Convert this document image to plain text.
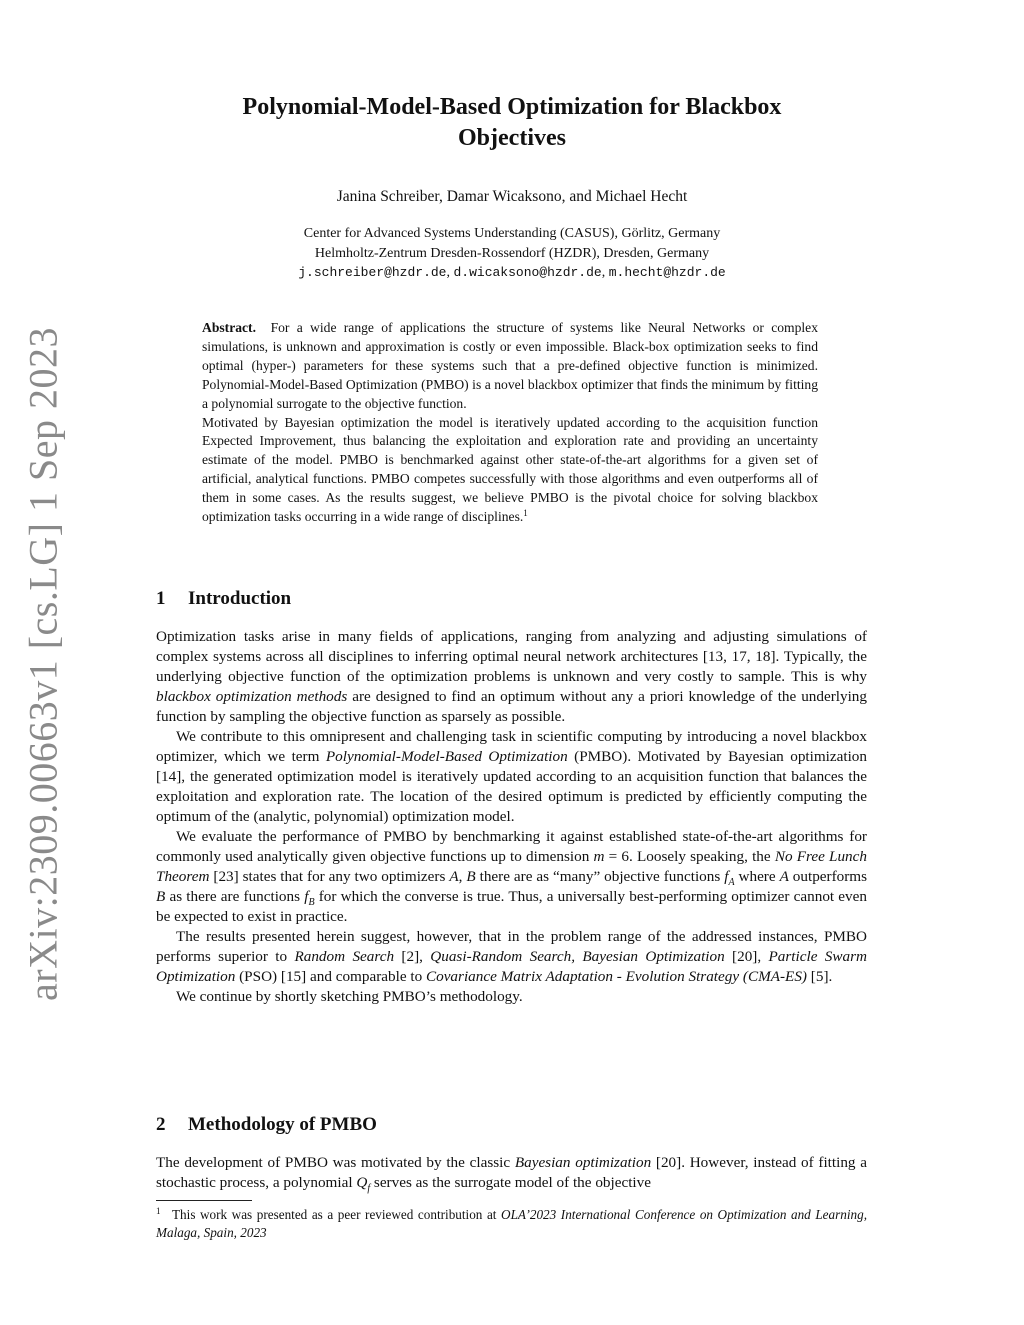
arXiv:2309.00663v1 [cs.LG] 1 Sep 2023
Polynomial-Model-Based Optimization for Blackbox
Objectives
Janina Schreiber, Damar Wicaksono, and Michael Hecht
Center for Advanced Systems Understanding (CASUS), Görlitz, Germany
Helmholtz-Zentrum Dresden-Rossendorf (HZDR), Dresden, Germany
j.schreiber@hzdr.de, d.wicaksono@hzdr.de, m.hecht@hzdr.de

Abstract. For a wide range of applications the structure of systems like Neural Networks or complex simulations, is unknown and approximation is costly or even impossible. Black-box optimization seeks to find optimal (hyper-) parameters for these systems such that a pre-defined objective function is minimized. Polynomial-Model-Based Optimization (PMBO) is a novel blackbox optimizer that finds the minimum by fitting a polynomial surrogate to the objective function.

Motivated by Bayesian optimization the model is iteratively updated according to the acquisition function Expected Improvement, thus balancing the exploitation and exploration rate and providing an uncertainty estimate of the model. PMBO is benchmarked against other state-of-the-art algorithms for a given set of artificial, analytical functions. PMBO competes successfully with those algorithms and even outperforms all of them in some cases. As the results suggest, we believe PMBO is the pivotal choice for solving blackbox optimization tasks occurring in a wide range of disciplines.$^1$

1 Introduction

Optimization tasks arise in many fields of applications, ranging from analyzing and adjusting simulations of complex systems across all disciplines to inferring optimal neural network architectures [13, 17, 18]. Typically, the underlying objective function of the optimization problems is unknown and very costly to sample. This is why blackbox optimization methods are designed to find an optimum without any a priori knowledge of the underlying function by sampling the objective function as sparsely as possible.

We contribute to this omnipresent and challenging task in scientific computing by introducing a novel blackbox optimizer, which we term Polynomial-Model-Based Optimization (PMBO). Motivated by Bayesian optimization [14], the generated optimization model is iteratively updated according to an acquisition function that balances the exploitation and exploration rate. The location of the desired optimum is predicted by efficiently computing the optimum of the (analytic, polynomial) optimization model.

We evaluate the performance of PMBO by benchmarking it against established state-of-the-art algorithms for commonly used analytically given objective functions up to dimension m = 6. Loosely speaking, the No Free Lunch Theorem [23] states that for any two optimizers A, B there are as “many” objective functions $f_A$ where A outperforms B as there are functions $f_B$ for which the converse is true. Thus, a universally best-performing optimizer cannot even be expected to exist in practice.

The results presented herein suggest, however, that in the problem range of the addressed instances, PMBO performs superior to Random Search [2], Quasi-Random Search, Bayesian Optimization [20], Particle Swarm Optimization (PSO) [15] and comparable to Covariance Matrix Adaptation - Evolution Strategy (CMA-ES) [5].

We continue by shortly sketching PMBO’s methodology.

2 Methodology of PMBO

The development of PMBO was motivated by the classic Bayesian optimization [20]. However, instead of fitting a stochastic process, a polynomial $Q_f$ serves as the surrogate model of the objective

1 This work was presented as a peer reviewed contribution at OLA’2023 International Conference on Optimization and Learning, Malaga, Spain, 2023
